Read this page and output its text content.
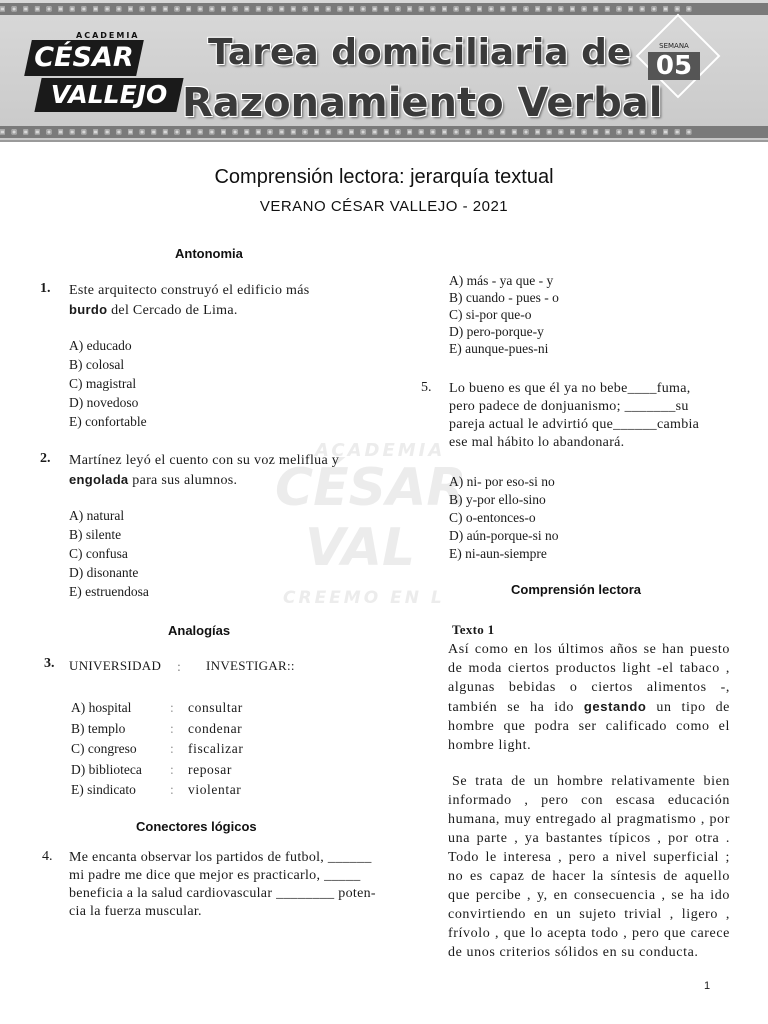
▣ ▣ ▣ ▣ ▣ ▣ ▣ ▣ ▣ ▣ ▣ ▣ ▣ ▣ ▣ ▣ ▣ ▣ ▣ ▣ ▣ ▣ ▣ ▣ ▣ ▣ ▣ ▣ ▣ ▣ ▣ ▣ ▣ ▣ ▣ ▣ ▣ ▣ ▣ ▣ ▣ ▣ ▣ ▣ ▣ ▣ ▣ ▣ ▣ ▣ ▣ ▣ ▣ ▣ ▣ ▣ ▣ ▣ ▣ ▣
ACADEMIA
CÉSAR
VALLEJO
Tarea domiciliaria de
Razonamiento Verbal
SEMANA
05
▣ ▣ ▣ ▣ ▣ ▣ ▣ ▣ ▣ ▣ ▣ ▣ ▣ ▣ ▣ ▣ ▣ ▣ ▣ ▣ ▣ ▣ ▣ ▣ ▣ ▣ ▣ ▣ ▣ ▣ ▣ ▣ ▣ ▣ ▣ ▣ ▣ ▣ ▣ ▣ ▣ ▣ ▣ ▣ ▣ ▣ ▣ ▣ ▣ ▣ ▣ ▣ ▣ ▣ ▣ ▣ ▣ ▣ ▣ ▣
ACADEMIA
CÉSAR
VAL
CREEMO EN L
Comprensión lectora: jerarquía textual
VERANO CÉSAR VALLEJO - 2021
Antonomia
1. Este arquitecto construyó el edificio más
burdo del Cercado de Lima.
A) educado
B) colosal
C) magistral
D) novedoso
E) confortable
2. Martínez leyó el cuento con su voz meliflua y
engolada para sus alumnos.
A) natural
B) silente
C) confusa
D) disonante
E) estruendosa
Analogías
3. UNIVERSIDAD : INVESTIGAR::
A) hospital
B) templo
C) congreso
D) biblioteca
E) sindicato
:
:
:
:
:
consultar
condenar
fiscalizar
reposar
violentar
Conectores lógicos
4. Me encanta observar los partidos de futbol, ______
mi padre me dice que mejor es practicarlo, _____
beneficia a la salud cardiovascular ________ poten-
cia la fuerza muscular.
A) más - ya que - y
B) cuando - pues - o
C) si-por que-o
D) pero-porque-y
E) aunque-pues-ni
5. Lo bueno es que él ya no bebe____fuma,
pero padece de donjuanismo; _______su
pareja actual le advirtió que______cambia
ese mal hábito lo abandonará.
A) ni- por eso-si no
B) y-por ello-sino
C) o-entonces-o
D) aún-porque-si no
E) ni-aun-siempre
Comprensión lectora
Texto 1
Así como en los últimos años se han puesto de moda ciertos productos light -el tabaco , algunas bebidas o ciertos alimentos -, también se ha ido gestando un tipo de hombre que podra ser calificado como el hombre light.
Se trata de un hombre relativamente bien informado , pero con escasa educación humana, muy entregado al pragmatismo , por una parte , ya bastantes típicos , por otra . Todo le interesa , pero a nivel superficial ; no es capaz de hacer la síntesis de aquello que percibe , y, en consecuencia , se ha ido convirtiendo en un sujeto trivial , ligero , frívolo , que lo acepta todo , pero que carece de unos criterios sólidos en su conducta.
1
